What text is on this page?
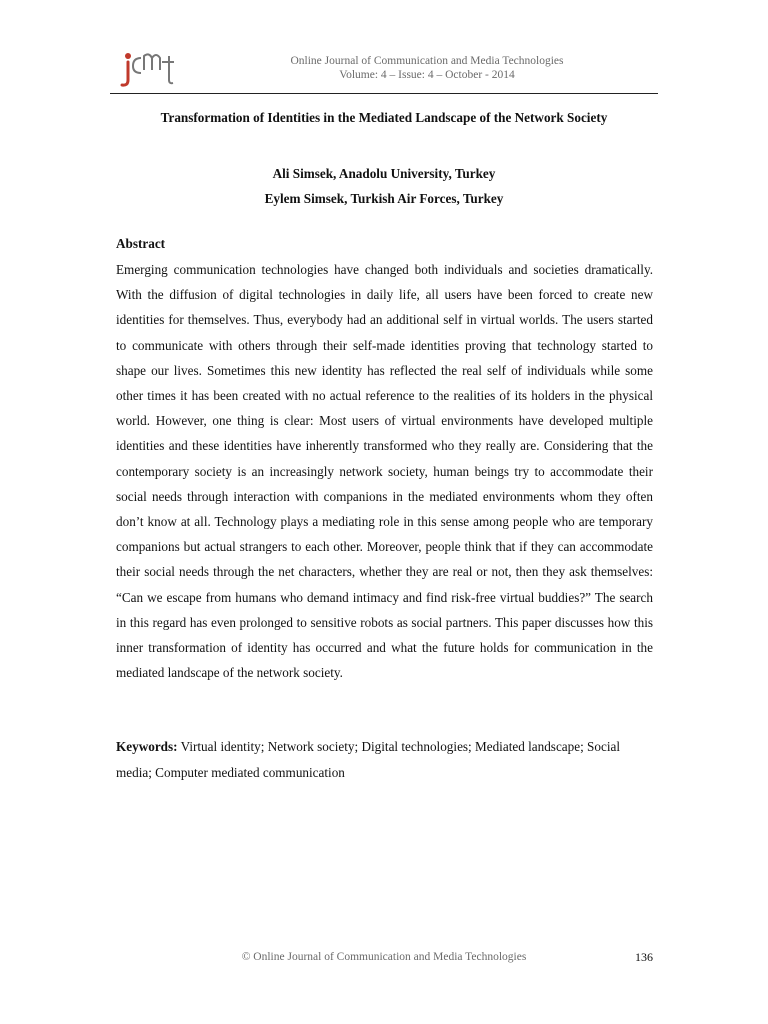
Online Journal of Communication and Media Technologies
Volume: 4 – Issue: 4 – October - 2014
Transformation of Identities in the Mediated Landscape of the Network Society
Ali Simsek, Anadolu University, Turkey
Eylem Simsek, Turkish Air Forces, Turkey
Abstract

Emerging communication technologies have changed both individuals and societies dramatically. With the diffusion of digital technologies in daily life, all users have been forced to create new identities for themselves. Thus, everybody had an additional self in virtual worlds. The users started to communicate with others through their self-made identities proving that technology started to shape our lives. Sometimes this new identity has reflected the real self of individuals while some other times it has been created with no actual reference to the realities of its holders in the physical world. However, one thing is clear: Most users of virtual environments have developed multiple identities and these identities have inherently transformed who they really are. Considering that the contemporary society is an increasingly network society, human beings try to accommodate their social needs through interaction with companions in the mediated environments whom they often don’t know at all. Technology plays a mediating role in this sense among people who are temporary companions but actual strangers to each other. Moreover, people think that if they can accommodate their social needs through the net characters, whether they are real or not, then they ask themselves: “Can we escape from humans who demand intimacy and find risk-free virtual buddies?” The search in this regard has even prolonged to sensitive robots as social partners. This paper discusses how this inner transformation of identity has occurred and what the future holds for communication in the mediated landscape of the network society.

Keywords: Virtual identity; Network society; Digital technologies; Mediated landscape; Social media; Computer mediated communication

© Online Journal of Communication and Media Technologies	136
